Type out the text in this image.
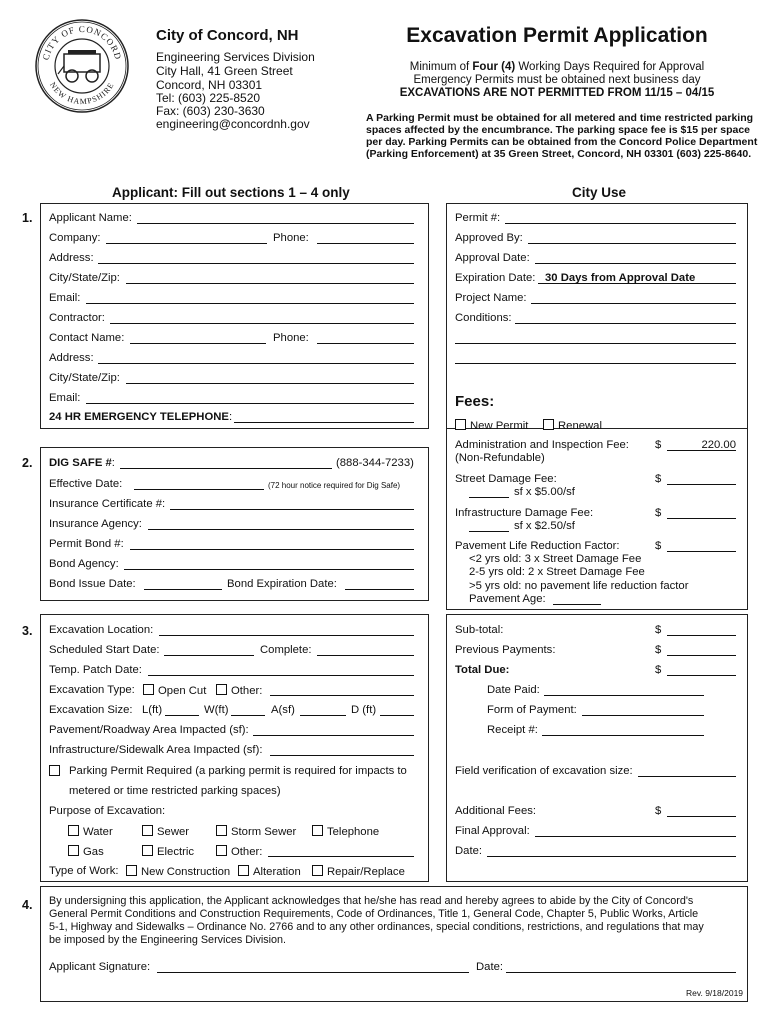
CITY OF CONCORD
NEW HAMPSHIRE
City of Concord, NH
Engineering Services Division
City Hall, 41 Green Street
Concord, NH 03301
Tel: (603) 225-8520
Fax: (603) 230-3630
engineering@concordnh.gov
Excavation Permit Application
Minimum of Four (4) Working Days Required for Approval
Emergency Permits must be obtained next business day
EXCAVATIONS ARE NOT PERMITTED FROM 11/15 – 04/15
A Parking Permit must be obtained for all metered and time restricted parking
spaces affected by the encumbrance. The parking space fee is $15 per space
per day. Parking Permits can be obtained from the Concord Police Department
(Parking Enforcement) at 35 Green Street, Concord, NH 03301 (603) 225-8640.
Applicant: Fill out sections 1 – 4 only	City Use
1. Applicant Name:
Company:	Phone:
Address:
City/State/Zip:
Email:
Contractor:
Contact Name:	Phone:
Address:
City/State/Zip:
Email:
24 HR EMERGENCY TELEPHONE:
Permit #:
Approved By:
Approval Date:
Expiration Date: 30 Days from Approval Date
Project Name:
Conditions:
Fees:
New Permit	Renewal
Administration and Inspection Fee:
(Non-Refundable)
$	220.00
Street Damage Fee:	$
sf x $5.00/sf
Infrastructure Damage Fee:	$
sf x $2.50/sf
Pavement Life Reduction Factor:	$
<2 yrs old: 3 x Street Damage Fee
2-5 yrs old: 2 x Street Damage Fee
>5 yrs old: no pavement life reduction factor
Pavement Age:
2. DIG SAFE #:	(888-344-7233)
Effective Date:	(72 hour notice required for Dig Safe)
Insurance Certificate #:
Insurance Agency:
Permit Bond #:
Bond Agency:
Bond Issue Date:	Bond Expiration Date:
3. Excavation Location:
Scheduled Start Date:	Complete:
Temp. Patch Date:
Excavation Type:	Open Cut	Other:
Excavation Size: L(ft)	W(ft)	A(sf)	D (ft)
Pavement/Roadway Area Impacted (sf):
Infrastructure/Sidewalk Area Impacted (sf):
Parking Permit Required (a parking permit is required for impacts to
metered or time restricted parking spaces)
Purpose of Excavation:
Water	Sewer	Storm Sewer	Telephone
Gas	Electric	Other:
Type of Work:	New Construction	Alteration	Repair/Replace
Sub-total:	$
Previous Payments:	$
Total Due:	$
Date Paid:
Form of Payment:
Receipt #:
Field verification of excavation size:
Additional Fees:	$
Final Approval:
Date:
4. By undersigning this application, the Applicant acknowledges that he/she has read and hereby agrees to abide by the City of Concord's
General Permit Conditions and Construction Requirements, Code of Ordinances, Title 1, General Code, Chapter 5, Public Works, Article
5-1, Highway and Sidewalks – Ordinance No. 2766 and to any other ordinances, special conditions, restrictions, and regulations that may
be imposed by the Engineering Services Division.
Applicant Signature:	Date:
Rev. 9/18/2019
